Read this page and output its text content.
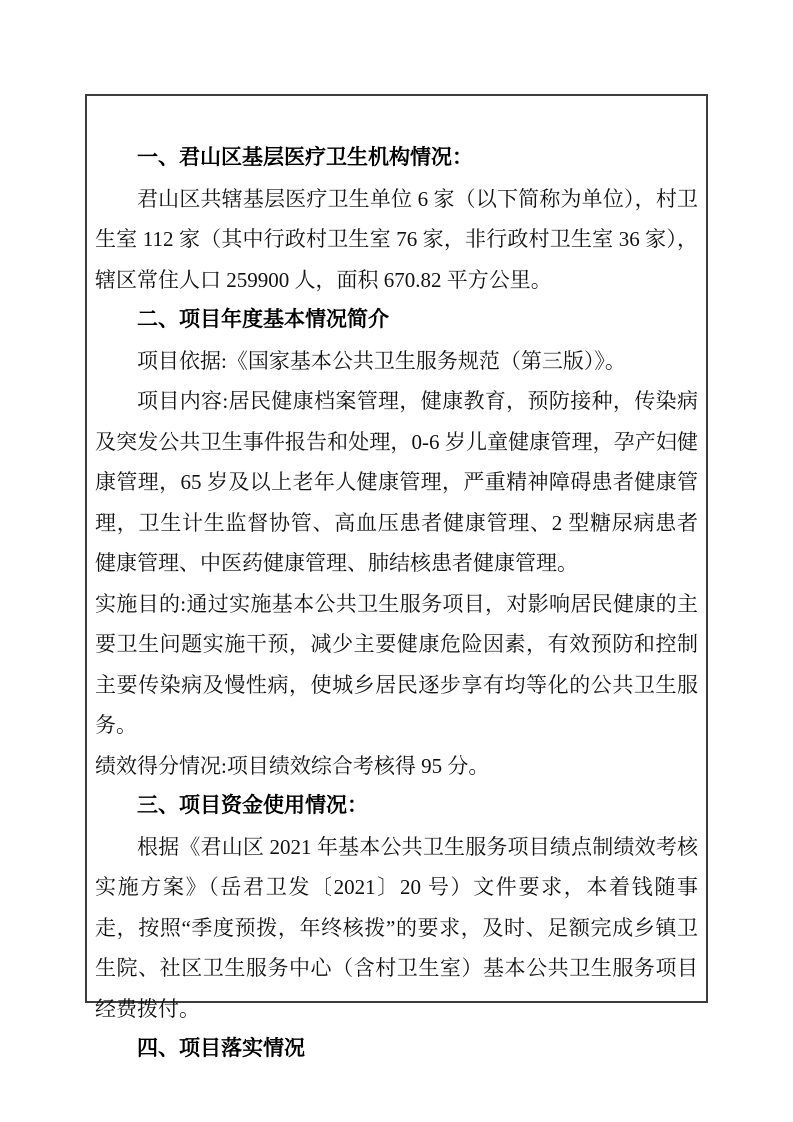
一、君山区基层医疗卫生机构情况：

君山区共辖基层医疗卫生单位 6 家（以下简称为单位），村卫生室 112 家（其中行政村卫生室 76 家，非行政村卫生室 36 家），辖区常住人口 259900 人，面积 670.82 平方公里。

二、项目年度基本情况简介

项目依据:《国家基本公共卫生服务规范（第三版）》。

项目内容:居民健康档案管理，健康教育，预防接种，传染病及突发公共卫生事件报告和处理，0-6 岁儿童健康管理，孕产妇健康管理，65 岁及以上老年人健康管理，严重精神障碍患者健康管理，卫生计生监督协管、高血压患者健康管理、2 型糖尿病患者健康管理、中医药健康管理、肺结核患者健康管理。

实施目的:通过实施基本公共卫生服务项目，对影响居民健康的主要卫生问题实施干预，减少主要健康危险因素，有效预防和控制主要传染病及慢性病，使城乡居民逐步享有均等化的公共卫生服务。

绩效得分情况:项目绩效综合考核得 95 分。

三、项目资金使用情况：

根据《君山区 2021 年基本公共卫生服务项目绩点制绩效考核实施方案》（岳君卫发〔2021〕20 号）文件要求，本着钱随事走，按照“季度预拨，年终核拨”的要求，及时、足额完成乡镇卫生院、社区卫生服务中心（含村卫生室）基本公共卫生服务项目经费拨付。

四、项目落实情况
